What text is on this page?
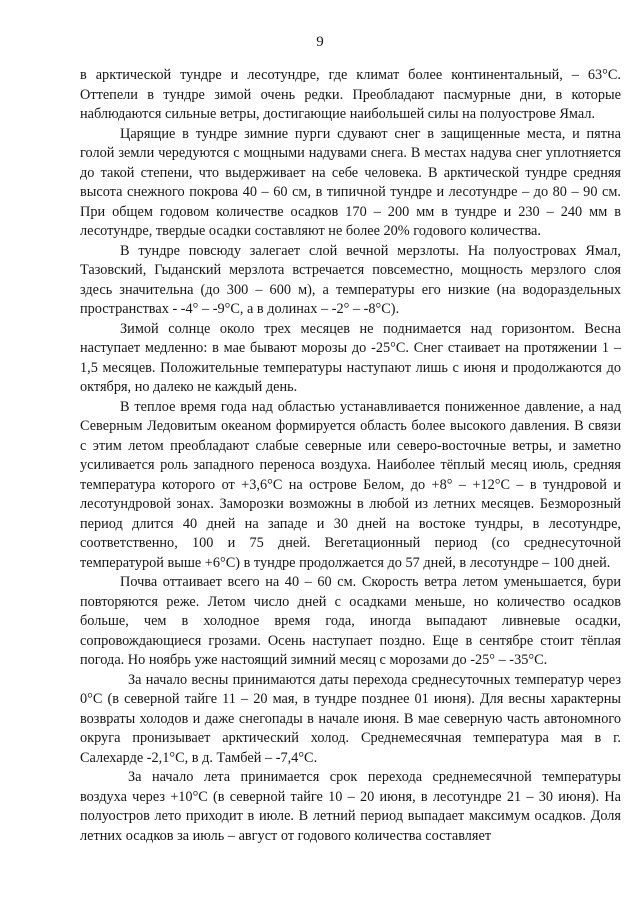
9

в арктической тундре и лесотундре, где климат более континентальный, – 63°С. Оттепели в тундре зимой очень редки. Преобладают пасмурные дни, в которые наблюдаются сильные ветры, достигающие наибольшей силы на полуострове Ямал.

Царящие в тундре зимние пурги сдувают снег в защищенные места, и пятна голой земли чередуются с мощными надувами снега. В местах надува снег уплотняется до такой степени, что выдерживает на себе человека. В арктической тундре средняя высота снежного покрова 40 – 60 см, в типичной тундре и лесотундре – до 80 – 90 см. При общем годовом количестве осадков 170 – 200 мм в тундре и 230 – 240 мм в лесотундре, твердые осадки составляют не более 20% годового количества.

В тундре повсюду залегает слой вечной мерзлоты. На полуостровах Ямал, Тазовский, Гыданский мерзлота встречается повсеместно, мощность мерзлого слоя здесь значительна (до 300 – 600 м), а температуры его низкие (на водораздельных пространствах - -4° – -9°С, а в долинах – -2° – -8°С).

Зимой солнце около трех месяцев не поднимается над горизонтом. Весна наступает медленно: в мае бывают морозы до -25°С. Снег стаивает на протяжении 1 – 1,5 месяцев. Положительные температуры наступают лишь с июня и продолжаются до октября, но далеко не каждый день.

В теплое время года над областью устанавливается пониженное давление, а над Северным Ледовитым океаном формируется область более высокого давления. В связи с этим летом преобладают слабые северные или северо-восточные ветры, и заметно усиливается роль западного переноса воздуха. Наиболее тёплый месяц июль, средняя температура которого от +3,6°С на острове Белом, до +8° – +12°С – в тундровой и лесотундровой зонах. Заморозки возможны в любой из летних месяцев. Безморозный период длится 40 дней на западе и 30 дней на востоке тундры, в лесотундре, соответственно, 100 и 75 дней. Вегетационный период (со среднесуточной температурой выше +6°С) в тундре продолжается до 57 дней, в лесотундре – 100 дней.

Почва оттаивает всего на 40 – 60 см. Скорость ветра летом уменьшается, бури повторяются реже. Летом число дней с осадками меньше, но количество осадков больше, чем в холодное время года, иногда выпадают ливневые осадки, сопровождающиеся грозами. Осень наступает поздно. Еще в сентябре стоит тёплая погода. Но ноябрь уже настоящий зимний месяц с морозами до -25° – -35°С.

За начало весны принимаются даты перехода среднесуточных температур через 0°С (в северной тайге 11 – 20 мая, в тундре позднее 01 июня). Для весны характерны возвраты холодов и даже снегопады в начале июня. В мае северную часть автономного округа пронизывает арктический холод. Среднемесячная температура мая в г. Салехарде -2,1°С, в д. Тамбей – -7,4°С.

За начало лета принимается срок перехода среднемесячной температуры воздуха через +10°С (в северной тайге 10 – 20 июня, в лесотундре 21 – 30 июня). На полуостров лето приходит в июле. В летний период выпадает максимум осадков. Доля летних осадков за июль – август от годового количества составляет
